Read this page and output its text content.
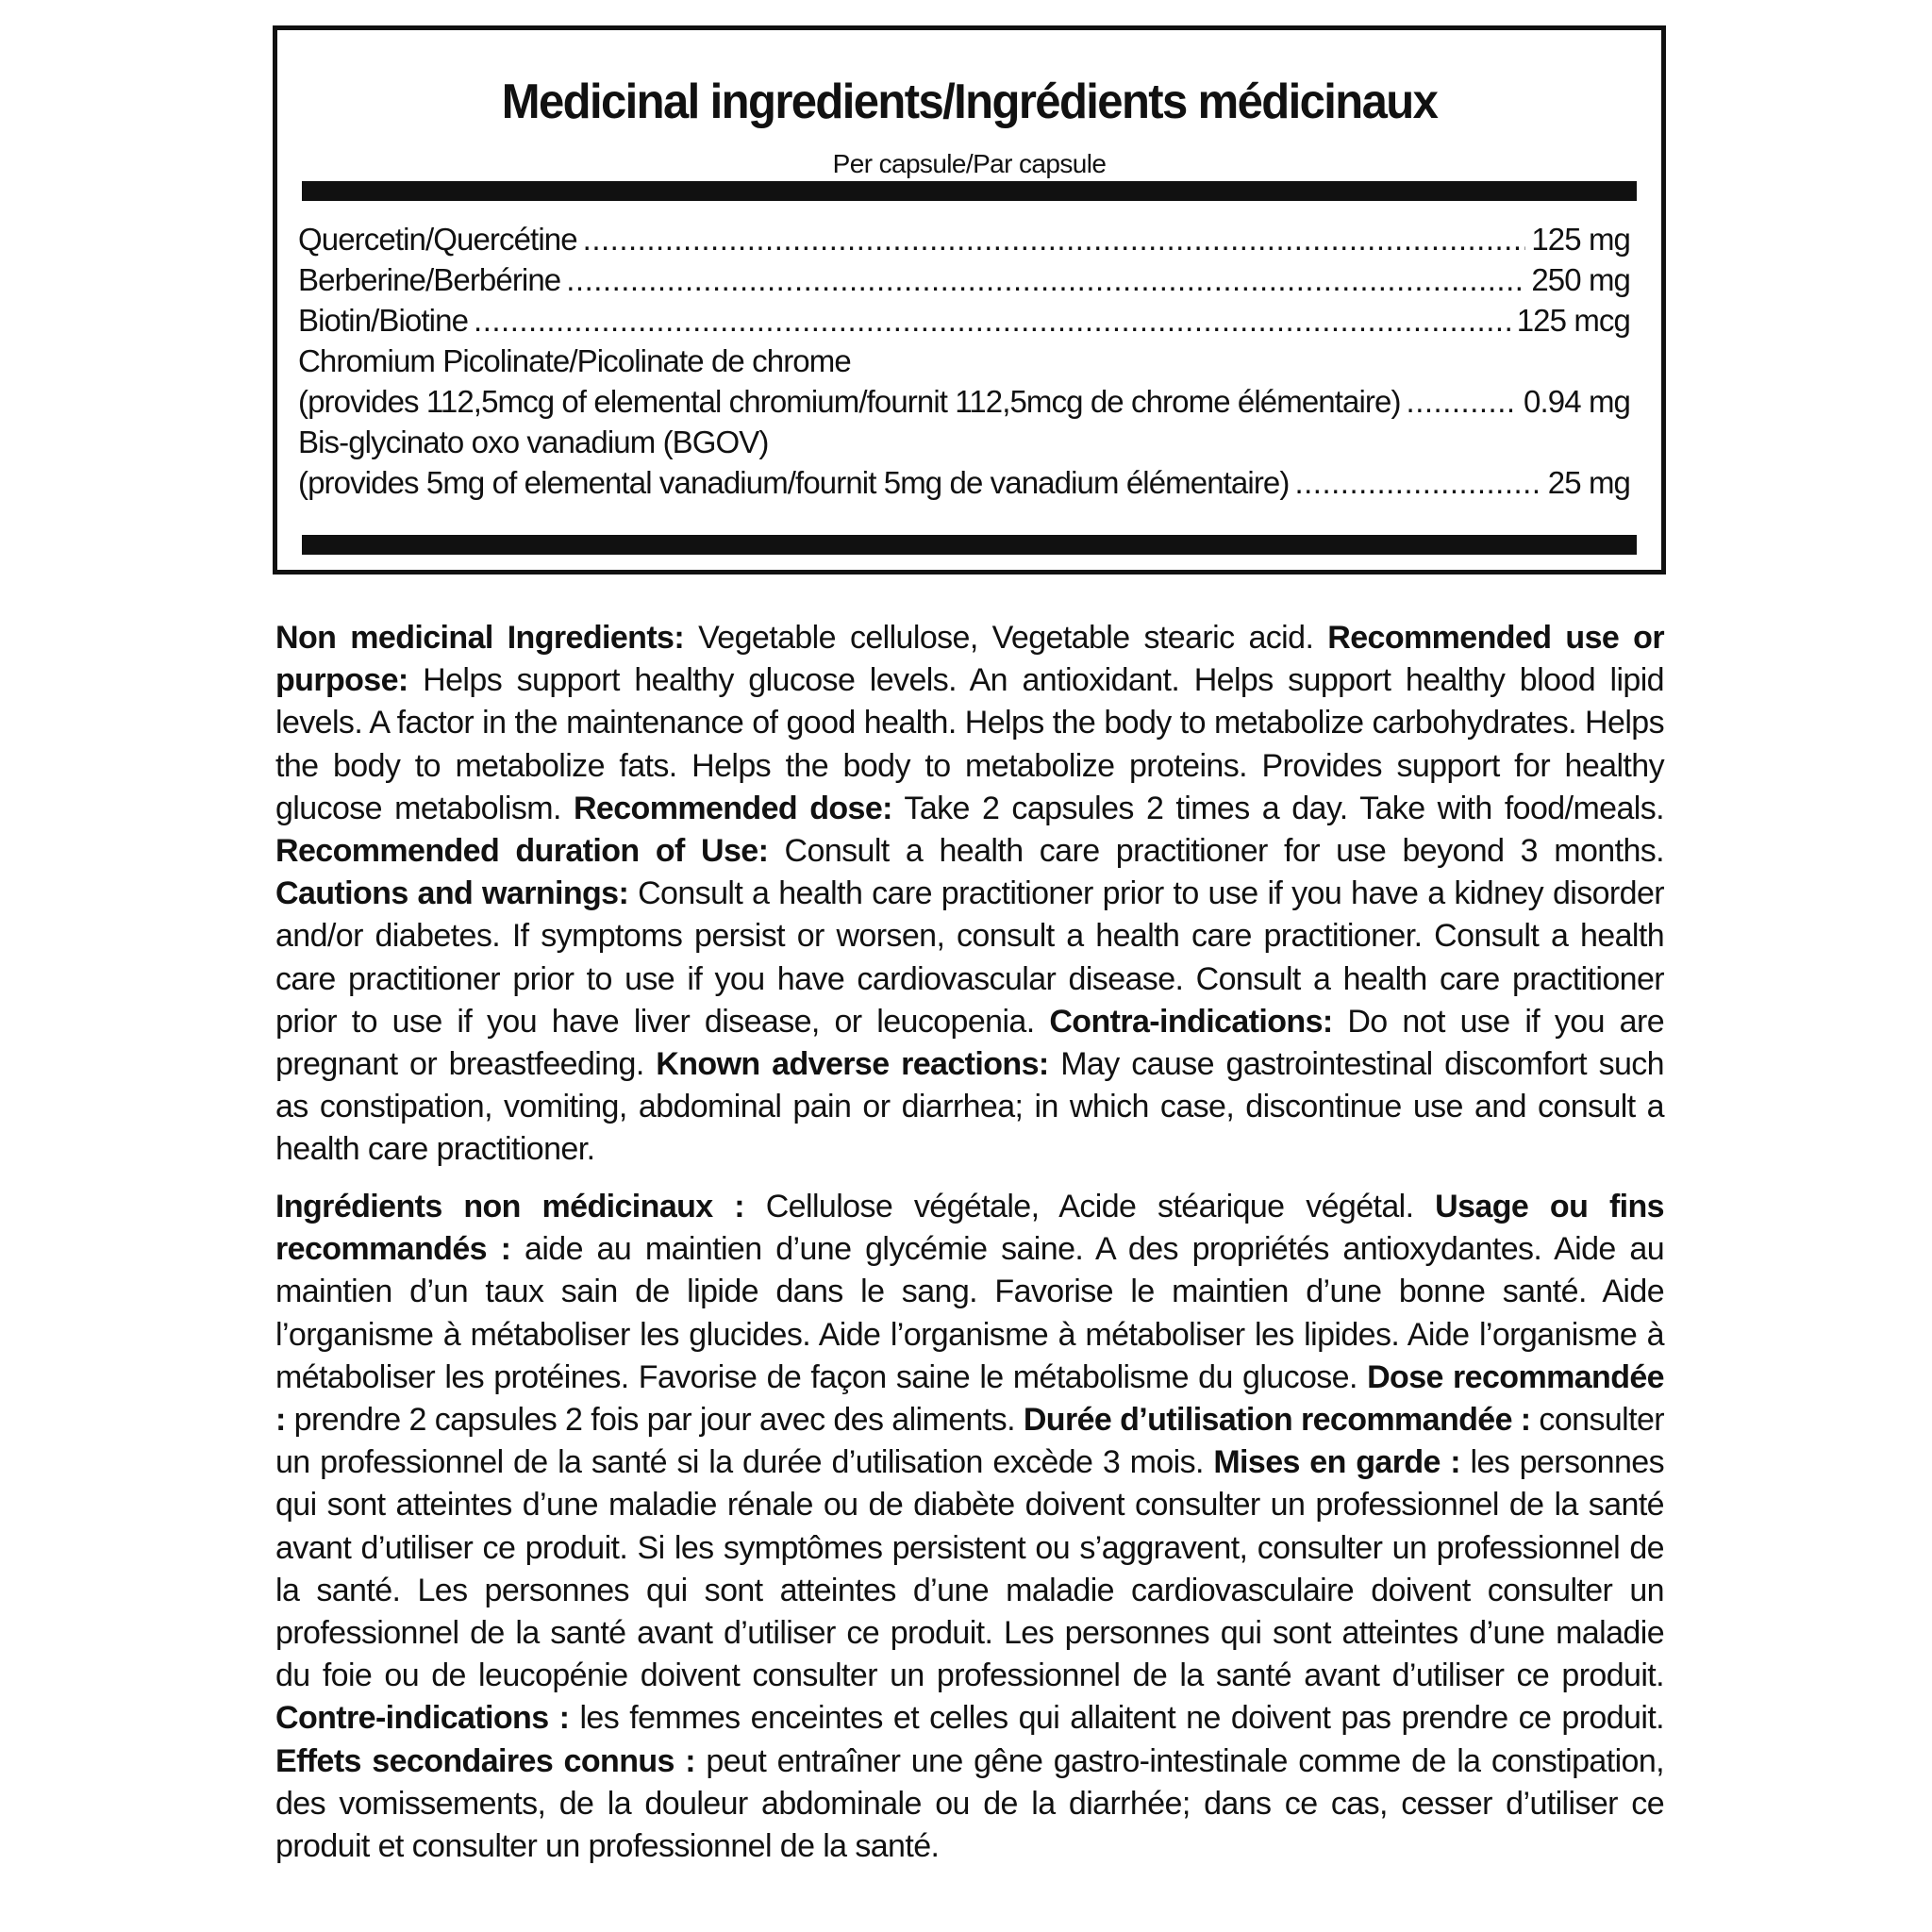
Medicinal ingredients/Ingrédients médicinaux
Per capsule/Par capsule
Quercetin/Quercétine .....	125 mg
Berberine/Berbérine .....	250 mg
Biotin/Biotine .....	125 mcg
Chromium Picolinate/Picolinate de chrome
(provides 112,5mcg of elemental chromium/fournit 112,5mcg de chrome élémentaire) .....	0.94 mg
Bis-glycinato oxo vanadium (BGOV)
(provides 5mg of elemental vanadium/fournit 5mg de vanadium élémentaire) .....	25 mg
Non medicinal Ingredients: Vegetable cellulose, Vegetable stearic acid. Recommended use or purpose: Helps support healthy glucose levels. An antioxidant. Helps support healthy blood lipid levels. A factor in the maintenance of good health. Helps the body to metabolize carbohydrates. Helps the body to metabolize fats. Helps the body to metabolize proteins. Provides support for healthy glucose metabolism. Recommended dose: Take 2 capsules 2 times a day. Take with food/meals. Recommended duration of Use: Consult a health care practitioner for use beyond 3 months. Cautions and warnings: Consult a health care practitioner prior to use if you have a kidney disorder and/or diabetes. If symptoms persist or worsen, consult a health care practitioner. Consult a health care practitioner prior to use if you have cardiovascular disease. Consult a health care practitioner prior to use if you have liver disease, or leucopenia. Contra-indications: Do not use if you are pregnant or breastfeeding. Known adverse reactions: May cause gastrointestinal discomfort such as constipation, vomiting, abdominal pain or diarrhea; in which case, discontinue use and consult a health care practitioner.
Ingrédients non médicinaux : Cellulose végétale, Acide stéarique végétal. Usage ou fins recommandés : aide au maintien d’une glycémie saine. A des propriétés antioxydantes. Aide au maintien d’un taux sain de lipide dans le sang. Favorise le maintien d’une bonne santé. Aide l’organisme à métaboliser les glucides. Aide l’organisme à métaboliser les lipides. Aide l’organisme à métaboliser les protéines. Favorise de façon saine le métabolisme du glucose. Dose recommandée : prendre 2 capsules 2 fois par jour avec des aliments. Durée d’utilisation recommandée : consulter un professionnel de la santé si la durée d’utilisation excède 3 mois. Mises en garde : les personnes qui sont atteintes d’une maladie rénale ou de diabète doivent consulter un professionnel de la santé avant d’utiliser ce produit. Si les symptômes persistent ou s’aggravent, consulter un professionnel de la santé. Les personnes qui sont atteintes d’une maladie cardiovasculaire doivent consulter un professionnel de la santé avant d’utiliser ce produit. Les personnes qui sont atteintes d’une maladie du foie ou de leucopénie doivent consulter un professionnel de la santé avant d’utiliser ce produit. Contre-indications : les femmes enceintes et celles qui allaitent ne doivent pas prendre ce produit. Effets secondaires connus : peut entraîner une gêne gastro-intestinale comme de la constipation, des vomissements, de la douleur abdominale ou de la diarrhée; dans ce cas, cesser d’utiliser ce produit et consulter un professionnel de la santé.
